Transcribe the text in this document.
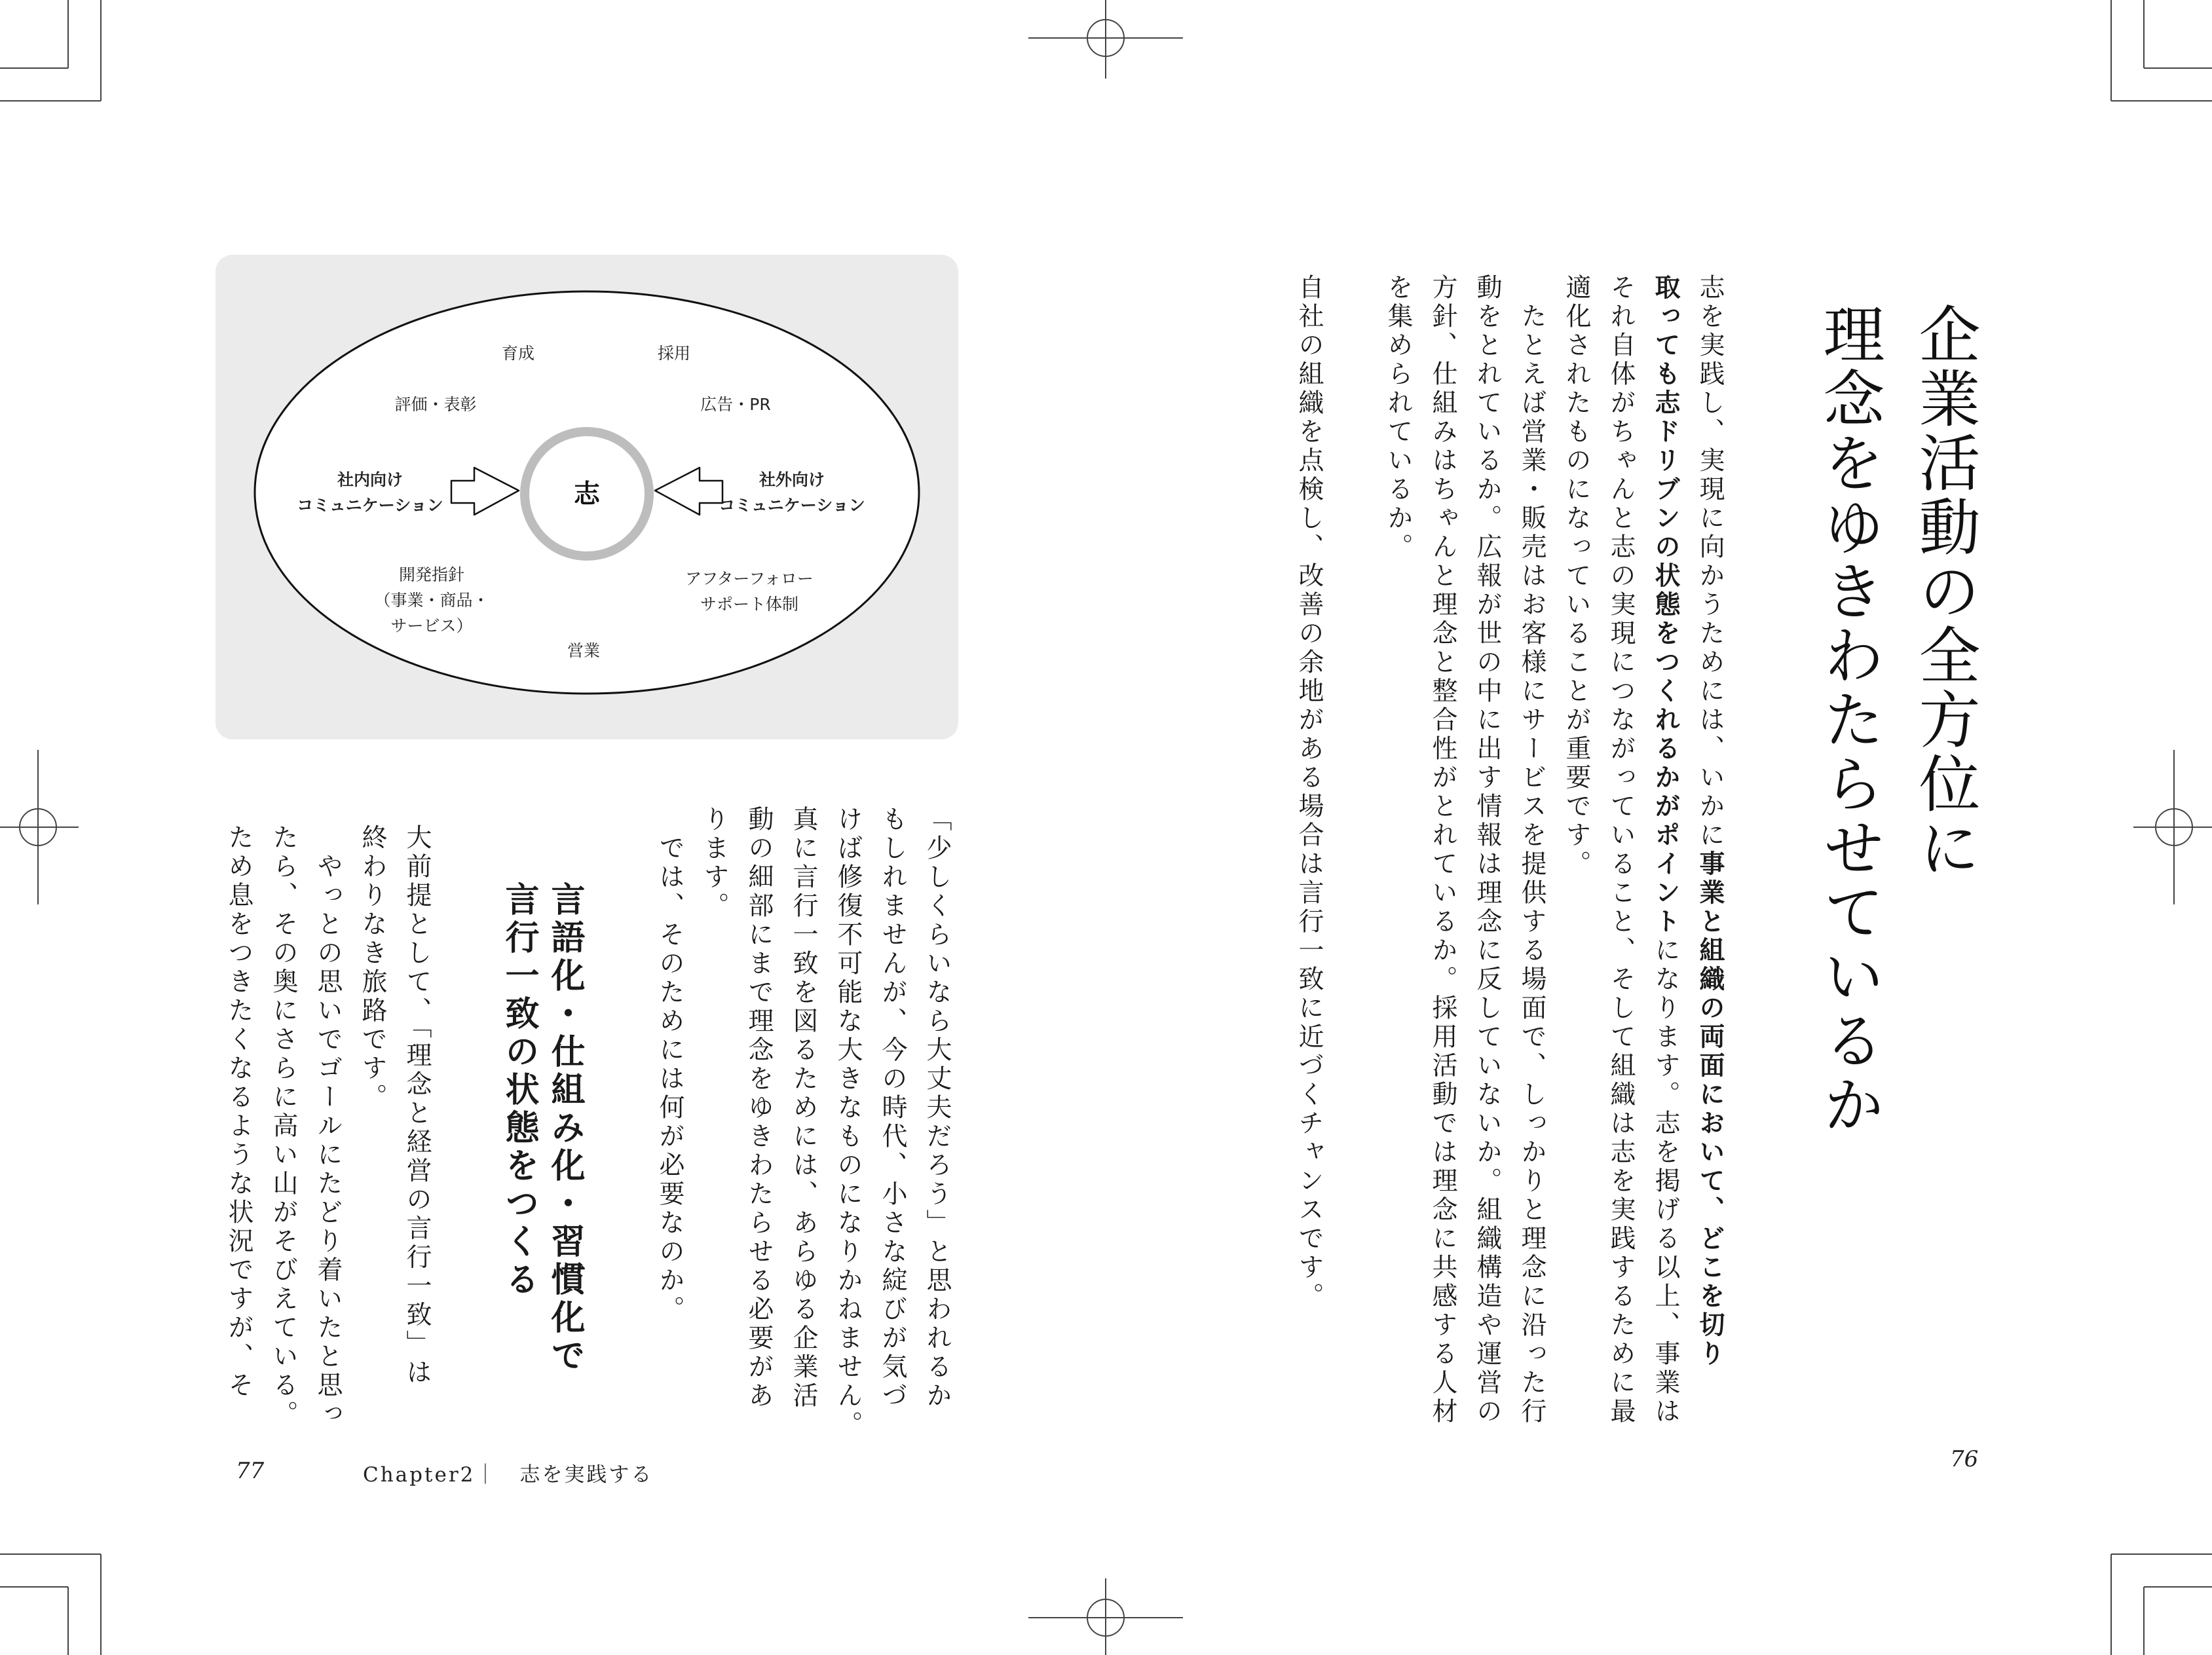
企業活動の全方位に
理念をゆきわたらせているか
志を実践し、実現に向かうためには、いかに事業と組織の両面において、どこを切り
取っても志ドリブンの状態をつくれるかがポイントになります。志を掲げる以上、事業は
それ自体がちゃんと志の実現につながっていること、そして組織は志を実践するために最
適化されたものになっていることが重要です。
　たとえば営業・販売はお客様にサービスを提供する場面で、しっかりと理念に沿った行
動をとれているか。広報が世の中に出す情報は理念に反していないか。組織構造や運営の
方針、仕組みはちゃんと理念と整合性がとれているか。採用活動では理念に共感する人材
を集められているか。
自社の組織を点検し、改善の余地がある場合は言行一致に近づくチャンスです。
76
志
育成	採用
評価・表彰	広告・PR
社内向け
コミュニケーション
社外向け
コミュニケーション
開発指針
（事業・商品・
サービス）
アフターフォロー
サポート体制
営業
「少しくらいなら大丈夫だろう」と思われるか
もしれませんが、今の時代、小さな綻びが気づ
けば修復不可能な大きなものになりかねません。
真に言行一致を図るためには、あらゆる企業活
動の細部にまで理念をゆきわたらせる必要があ
ります。
　では、そのためには何が必要なのか。
言語化・仕組み化・習慣化で
言行一致の状態をつくる
大前提として、「理念と経営の言行一致」は
終わりなき旅路です。
　やっとの思いでゴールにたどり着いたと思っ
たら、その奥にさらに高い山がそびえている。
ため息をつきたくなるような状況ですが、そ
77	Chapter2｜　志を実践する
